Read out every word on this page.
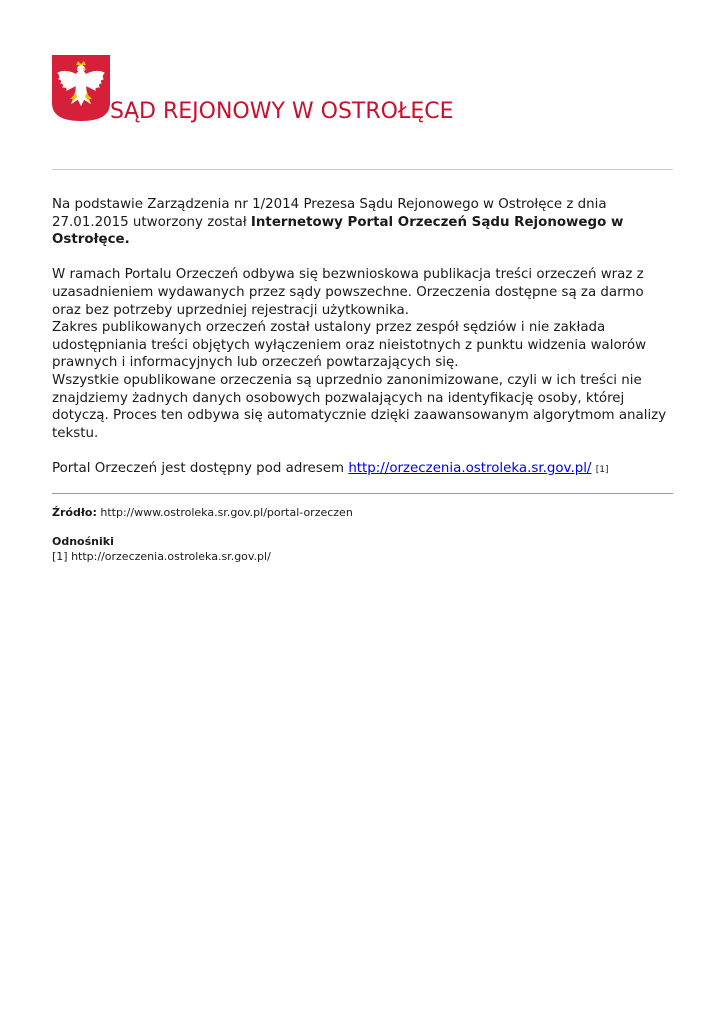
SĄD REJONOWY W OSTROŁĘCE

Na podstawie Zarządzenia nr 1/2014 Prezesa Sądu Rejonowego w Ostrołęce z dnia 27.01.2015 utworzony został Internetowy Portal Orzeczeń Sądu Rejonowego w Ostrołęce.

W ramach Portalu Orzeczeń odbywa się bezwnioskowa publikacja treści orzeczeń wraz z uzasadnieniem wydawanych przez sądy powszechne. Orzeczenia dostępne są za darmo oraz bez potrzeby uprzedniej rejestracji użytkownika.

Zakres publikowanych orzeczeń został ustalony przez zespół sędziów i nie zakłada udostępniania treści objętych wyłączeniem oraz nieistotnych z punktu widzenia walorów prawnych i informacyjnych lub orzeczeń powtarzających się.

Wszystkie opublikowane orzeczenia są uprzednio zanonimizowane, czyli w ich treści nie znajdziemy żadnych danych osobowych pozwalających na identyfikację osoby, której dotyczą. Proces ten odbywa się automatycznie dzięki zaawansowanym algorytmom analizy tekstu.

Portal Orzeczeń jest dostępny pod adresem http://orzeczenia.ostroleka.sr.gov.pl/ [1]

Źródło: http://www.ostroleka.sr.gov.pl/portal-orzeczen
Odnośniki
[1] http://orzeczenia.ostroleka.sr.gov.pl/
